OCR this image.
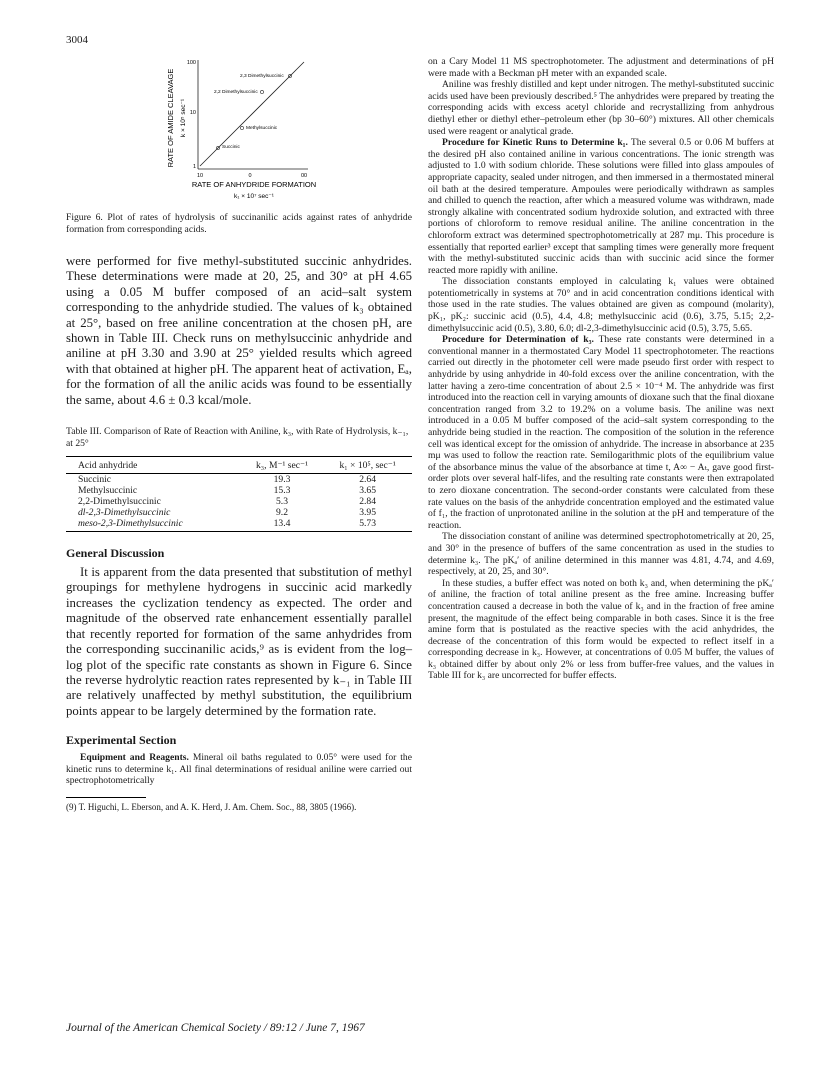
3004
RATE OF AMIDE CLEAVAGE k × 10⁵ sec⁻¹
100
10
1
2,3 Dimethylsuccinic
2,2 Dimethylsuccinic
Methylsuccinic
Succinic
10	0	00
RATE OF ANHYDRIDE FORMATION
k₁ × 10⁷ sec⁻¹
Figure 6. Plot of rates of hydrolysis of succinanilic acids against rates of anhydride formation from corresponding acids.

were performed for five methyl-substituted succinic anhydrides. These determinations were made at 20, 25, and 30° at pH 4.65 using a 0.05 M buffer composed of an acid–salt system corresponding to the anhydride studied. The values of k₃ obtained at 25°, based on free aniline concentration at the chosen pH, are shown in Table III. Check runs on methylsuccinic anhydride and aniline at pH 3.30 and 3.90 at 25° yielded results which agreed with that obtained at higher pH. The apparent heat of activation, Eₐ, for the formation of all the anilic acids was found to be essentially the same, about 4.6 ± 0.3 kcal/mole.

Table III. Comparison of Rate of Reaction with Aniline, k₃, with Rate of Hydrolysis, k₋₁, at 25°

Acid anhydride	k₃, M⁻¹ sec⁻¹	k₁ × 10⁵, sec⁻¹
Succinic	19.3	2.64
Methylsuccinic	15.3	3.65
2,2-Dimethylsuccinic	5.3	2.84
dl-2,3-Dimethylsuccinic	9.2	3.95
meso-2,3-Dimethylsuccinic	13.4	5.73
General Discussion

It is apparent from the data presented that substitution of methyl groupings for methylene hydrogens in succinic acid markedly increases the cyclization tendency as expected. The order and magnitude of the observed rate enhancement essentially parallel that recently reported for formation of the same anhydrides from the corresponding succinanilic acids,⁹ as is evident from the log–log plot of the specific rate constants as shown in Figure 6. Since the reverse hydrolytic reaction rates represented by k₋₁ in Table III are relatively unaffected by methyl substitution, the equilibrium points appear to be largely determined by the formation rate.

Experimental Section

Equipment and Reagents. Mineral oil baths regulated to 0.05° were used for the kinetic runs to determine k₁. All final determinations of residual aniline were carried out spectrophotometrically

(9) T. Higuchi, L. Eberson, and A. K. Herd, J. Am. Chem. Soc., 88, 3805 (1966).

on a Cary Model 11 MS spectrophotometer. The adjustment and determinations of pH were made with a Beckman pH meter with an expanded scale.

Aniline was freshly distilled and kept under nitrogen. The methyl-substituted succinic acids used have been previously described.⁵ The anhydrides were prepared by treating the corresponding acids with excess acetyl chloride and recrystallizing from anhydrous diethyl ether or diethyl ether–petroleum ether (bp 30–60°) mixtures. All other chemicals used were reagent or analytical grade.

Procedure for Kinetic Runs to Determine k₁. The several 0.5 or 0.06 M buffers at the desired pH also contained aniline in various concentrations. The ionic strength was adjusted to 1.0 with sodium chloride. These solutions were filled into glass ampoules of appropriate capacity, sealed under nitrogen, and then immersed in a thermostated mineral oil bath at the desired temperature. Ampoules were periodically withdrawn as samples and chilled to quench the reaction, after which a measured volume was withdrawn, made strongly alkaline with concentrated sodium hydroxide solution, and extracted with three portions of chloroform to remove residual aniline. The aniline concentration in the chloroform extract was determined spectrophotometrically at 287 mμ. This procedure is essentially that reported earlier³ except that sampling times were generally more frequent with the methyl-substituted succinic acids than with succinic acid since the former reacted more rapidly with aniline.

The dissociation constants employed in calculating k₁ values were obtained potentiometrically in systems at 70° and in acid concentration conditions identical with those used in the rate studies. The values obtained are given as compound (molarity), pK₁, pK₂: succinic acid (0.5), 4.4, 4.8; methylsuccinic acid (0.6), 3.75, 5.15; 2,2-dimethylsuccinic acid (0.5), 3.80, 6.0; dl-2,3-dimethylsuccinic acid (0.5), 3.75, 5.65.

Procedure for Determination of k₃. These rate constants were determined in a conventional manner in a thermostated Cary Model 11 spectrophotometer. The reactions carried out directly in the photometer cell were made pseudo first order with respect to anhydride by using anhydride in 40-fold excess over the aniline concentration, with the latter having a zero-time concentration of about 2.5 × 10⁻⁴ M. The anhydride was first introduced into the reaction cell in varying amounts of dioxane such that the final dioxane concentration ranged from 3.2 to 19.2% on a volume basis. The aniline was next introduced in a 0.05 M buffer composed of the acid–salt system corresponding to the anhydride being studied in the reaction. The composition of the solution in the reference cell was identical except for the omission of anhydride. The increase in absorbance at 235 mμ was used to follow the reaction rate. Semilogarithmic plots of the equilibrium value of the absorbance minus the value of the absorbance at time t, A∞ − Aₜ, gave good first-order plots over several half-lifes, and the resulting rate constants were then extrapolated to zero dioxane concentration. The second-order constants were calculated from these rate values on the basis of the anhydride concentration employed and the estimated value of f₁, the fraction of unprotonated aniline in the solution at the pH and temperature of the reaction.

The dissociation constant of aniline was determined spectrophotometrically at 20, 25, and 30° in the presence of buffers of the same concentration as used in the studies to determine k₃. The pKₐ′ of aniline determined in this manner was 4.81, 4.74, and 4.69, respectively, at 20, 25, and 30°.

In these studies, a buffer effect was noted on both k₃ and, when determining the pKₐ′ of aniline, the fraction of total aniline present as the free amine. Increasing buffer concentration caused a decrease in both the value of k₃ and in the fraction of free amine present, the magnitude of the effect being comparable in both cases. Since it is the free amine form that is postulated as the reactive species with the acid anhydrides, the decrease of the concentration of this form would be expected to reflect itself in a corresponding decrease in k₃. However, at concentrations of 0.05 M buffer, the values of k₃ obtained differ by about only 2% or less from buffer-free values, and the values in Table III for k₃ are uncorrected for buffer effects.

Journal of the American Chemical Society / 89:12 / June 7, 1967
